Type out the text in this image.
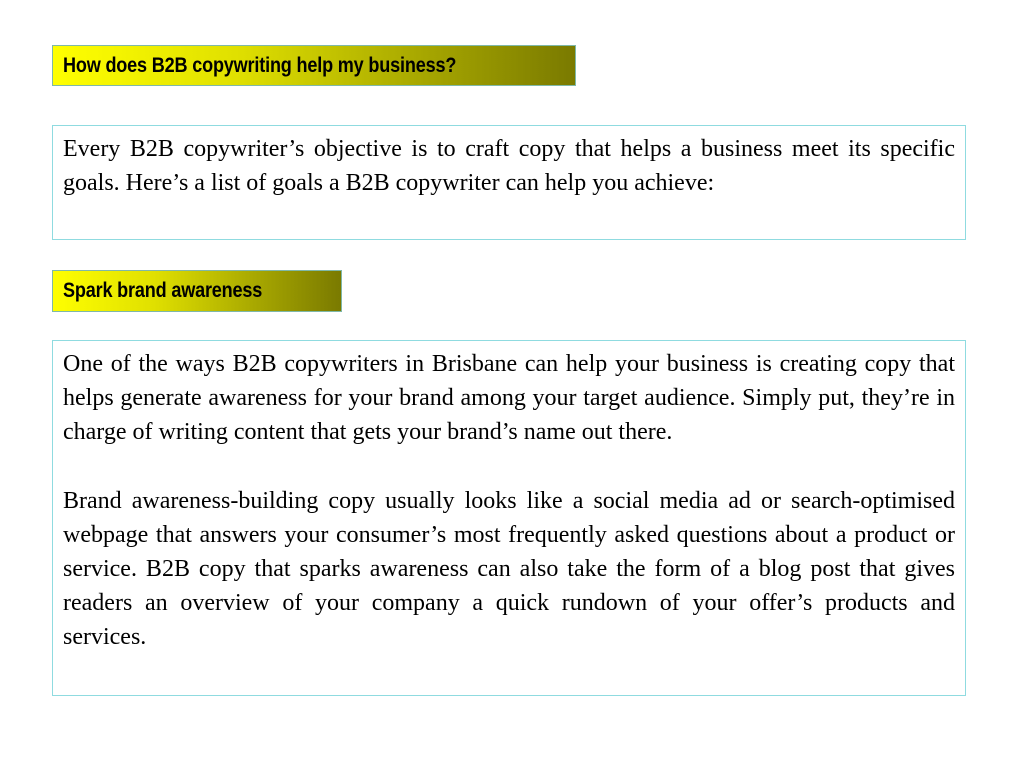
How does B2B copywriting help my business?

Every B2B copywriter’s objective is to craft copy that helps a business meet its specific goals. Here’s a list of goals a B2B copywriter can help you achieve:

Spark brand awareness

One of the ways B2B copywriters in Brisbane can help your business is creating copy that helps generate awareness for your brand among your target audience. Simply put, they’re in charge of writing content that gets your brand’s name out there.

Brand awareness-building copy usually looks like a social media ad or search-optimised webpage that answers your consumer’s most frequently asked questions about a product or service. B2B copy that sparks awareness can also take the form of a blog post that gives readers an overview of your company a quick rundown of your offer’s products and services.
